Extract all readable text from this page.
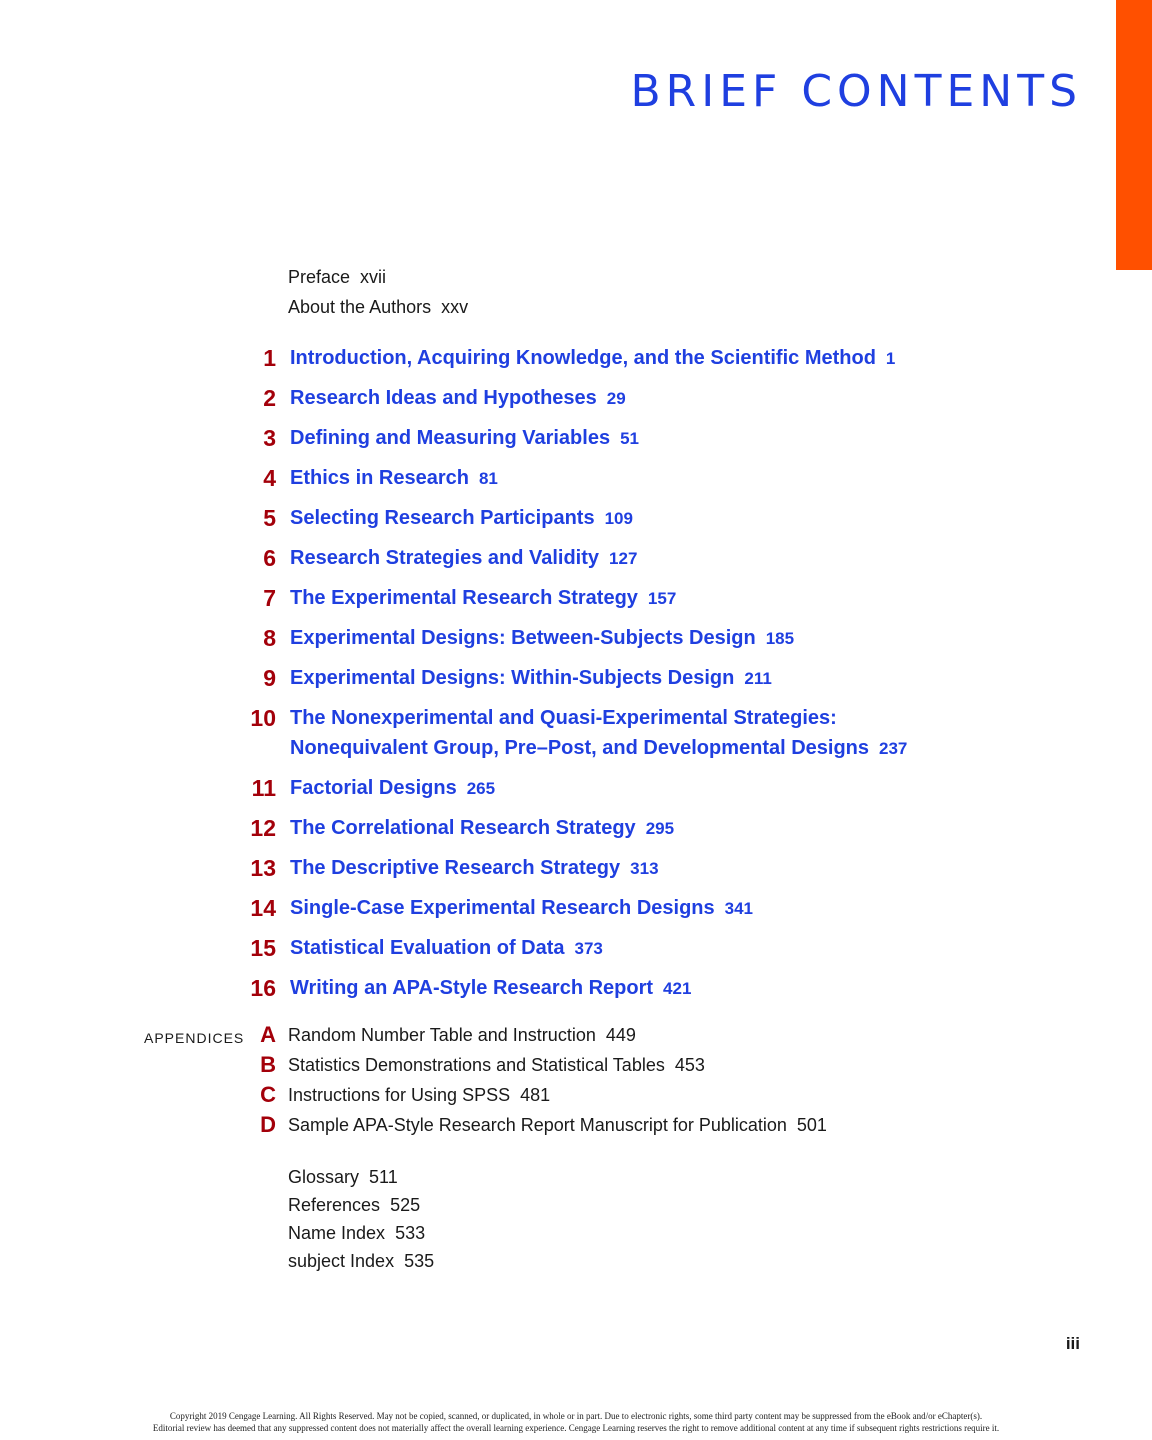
BRIEF CONTENTS
Preface xvii
About the Authors xxv
1 Introduction, Acquiring Knowledge, and the Scientific Method 1
2 Research Ideas and Hypotheses 29
3 Defining and Measuring Variables 51
4 Ethics in Research 81
5 Selecting Research Participants 109
6 Research Strategies and Validity 127
7 The Experimental Research Strategy 157
8 Experimental Designs: Between-Subjects Design 185
9 Experimental Designs: Within-Subjects Design 211
10 The Nonexperimental and Quasi-Experimental Strategies:
Nonequivalent Group, Pre–Post, and Developmental Designs 237
11 Factorial Designs 265
12 The Correlational Research Strategy 295
13 The Descriptive Research Strategy 313
14 Single-Case Experimental Research Designs 341
15 Statistical Evaluation of Data 373
16 Writing an APA-Style Research Report 421
APPENDICES A Random Number Table and Instruction 449
B Statistics Demonstrations and Statistical Tables 453
C Instructions for Using SPSS 481
D Sample APA-Style Research Report Manuscript for Publication 501
Glossary 511
References 525
Name Index 533
subject Index 535
iii
Copyright 2019 Cengage Learning. All Rights Reserved. May not be copied, scanned, or duplicated, in whole or in part. Due to electronic rights, some third party content may be suppressed from the eBook and/or eChapter(s).
Editorial review has deemed that any suppressed content does not materially affect the overall learning experience. Cengage Learning reserves the right to remove additional content at any time if subsequent rights restrictions require it.
